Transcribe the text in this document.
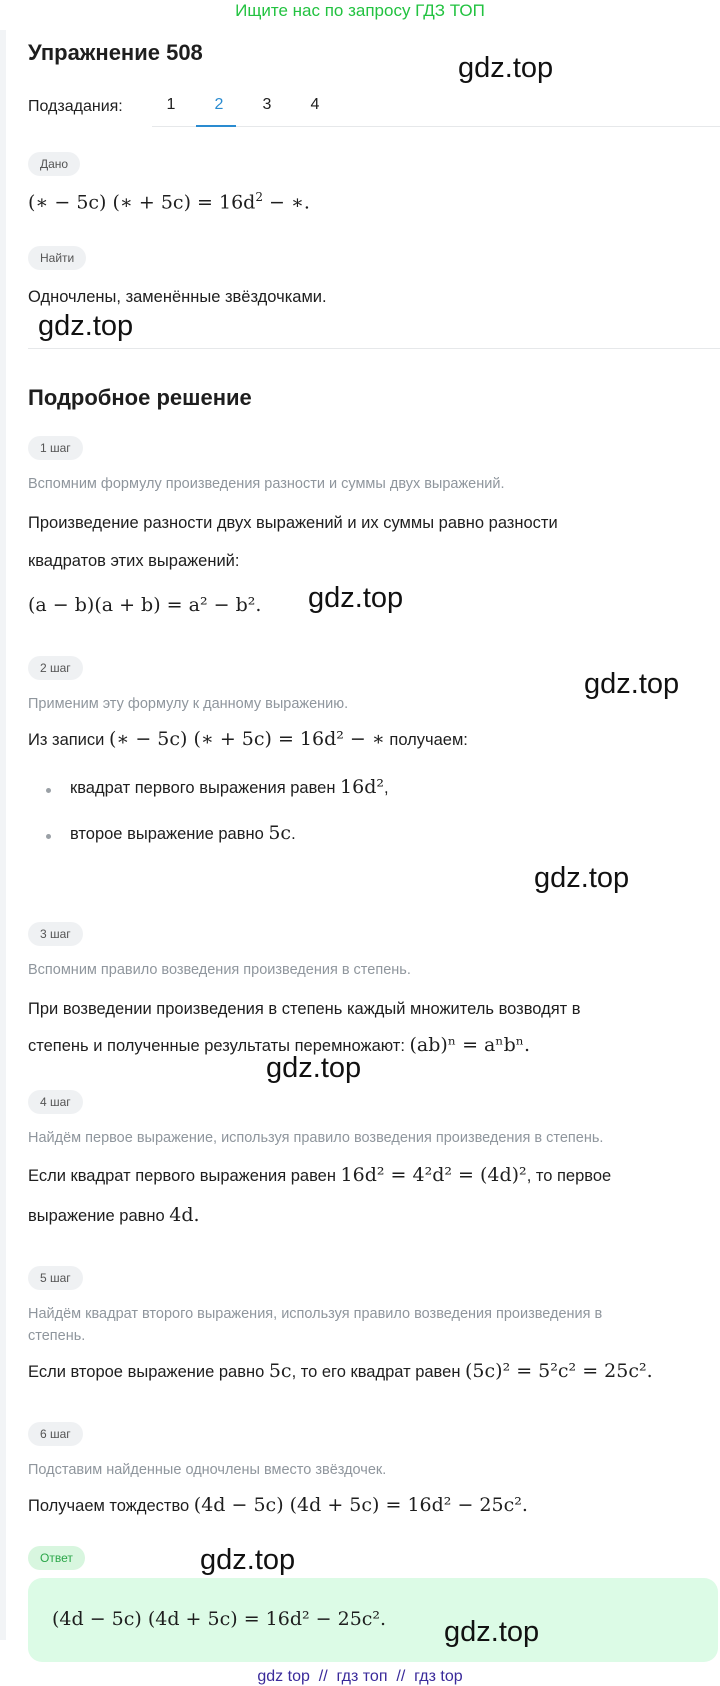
Ищите нас по запросу ГДЗ ТОП
Упражнение 508	gdz.top
Подзадания:	1	2	3	4
Дано
(∗ − 5c) (∗ + $5c) = 16d^2$ − ∗.
Найти
Одночлены, заменённые звёздочками.
gdz.top
Подробное решение
1 шаг
Вспомним формулу произведения разности и суммы двух выражений.
Произведение разности двух выражений и их суммы равно разности
квадратов этих выражений:
(a − b)(a + b) = a² − b². gdz.top
2 шаг	gdz.top
Применим эту формулу к данному выражению.
Из записи (∗ − 5c) (∗ + 5c) = 16d² − ∗ получаем:
квадрат первого выражения равен 16d²,
второе выражение равно 5c.
gdz.top
3 шаг
Вспомним правило возведения произведения в степень.
При возведении произведения в степень каждый множитель возводят в
степень и полученные результаты перемножают: (ab)ⁿ = aⁿbⁿ.
gdz.top
4 шаг
Найдём первое выражение, используя правило возведения произведения в степень.
Если квадрат первого выражения равен 16d² = 4²d² = (4d)², то первое
выражение равно 4d.
5 шаг
Найдём квадрат второго выражения, используя правило возведения произведения в
степень.
Если второе выражение равно 5c, то его квадрат равен (5c)² = 5²c² = 25c².
6 шаг
Подставим найденные одночлены вместо звёздочек.
Получаем тождество (4d − 5c) (4d + 5c) = 16d² − 25c².
Ответ	gdz.top
(4d − 5c) (4d + 5c) = 16d² − 25c². gdz.top
gdz top  //  гдз топ  //  гдз top
